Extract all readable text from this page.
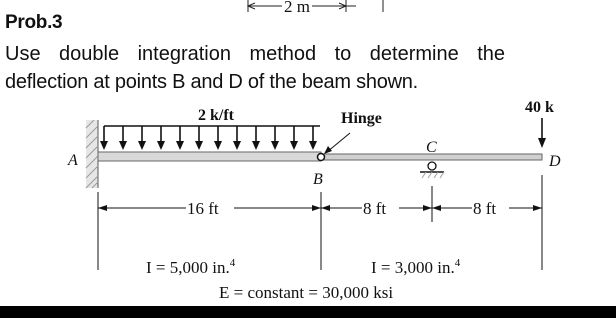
Prob.3
Use double integration method to determine the
deflection at points B and D of the beam shown.
2 m
A
2 k/ft	Hinge
B
C
40 k
D
16 ft	8 ft	8 ft
I = 5,000 in.$^4$	I = 3,000 in.$^4$
E = constant = 30,000 ksi
